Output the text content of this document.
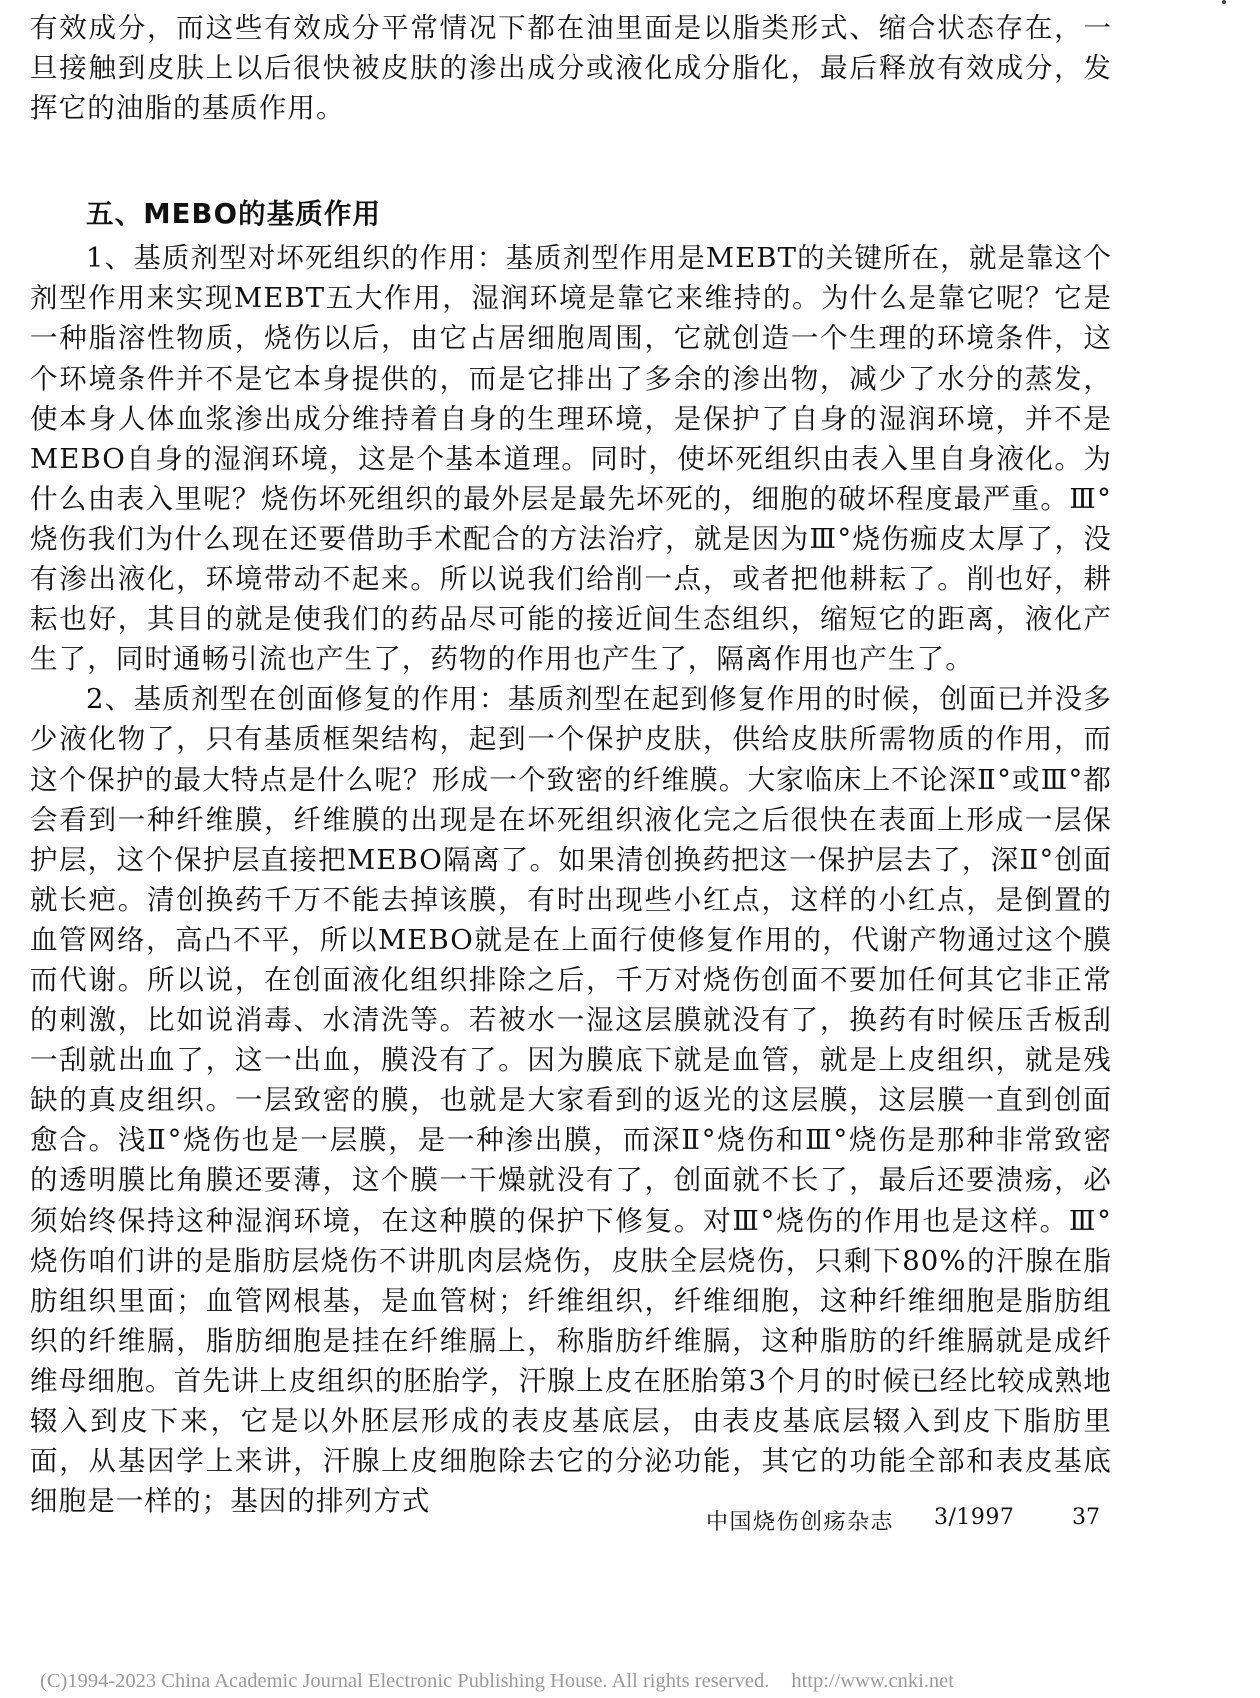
有效成分，而这些有效成分平常情况下都在油里面是以脂类形式、缩合状态存在，一旦接触到皮肤上以后很快被皮肤的渗出成分或液化成分脂化，最后释放有效成分，发挥它的油脂的基质作用。

五、MEBO的基质作用

1、基质剂型对坏死组织的作用：基质剂型作用是MEBT的关键所在，就是靠这个剂型作用来实现MEBT五大作用，湿润环境是靠它来维持的。为什么是靠它呢？它是一种脂溶性物质，烧伤以后，由它占居细胞周围，它就创造一个生理的环境条件，这个环境条件并不是它本身提供的，而是它排出了多余的渗出物，减少了水分的蒸发，使本身人体血浆渗出成分维持着自身的生理环境，是保护了自身的湿润环境，并不是MEBO自身的湿润环境，这是个基本道理。同时，使坏死组织由表入里自身液化。为什么由表入里呢？烧伤坏死组织的最外层是最先坏死的，细胞的破坏程度最严重。Ⅲ°烧伤我们为什么现在还要借助手术配合的方法治疗，就是因为Ⅲ°烧伤痂皮太厚了，没有渗出液化，环境带动不起来。所以说我们给削一点，或者把他耕耘了。削也好，耕耘也好，其目的就是使我们的药品尽可能的接近间生态组织，缩短它的距离，液化产生了，同时通畅引流也产生了，药物的作用也产生了，隔离作用也产生了。

2、基质剂型在创面修复的作用：基质剂型在起到修复作用的时候，创面已并没多少液化物了，只有基质框架结构，起到一个保护皮肤，供给皮肤所需物质的作用，而这个保护的最大特点是什么呢？形成一个致密的纤维膜。大家临床上不论深Ⅱ°或Ⅲ°都会看到一种纤维膜，纤维膜的出现是在坏死组织液化完之后很快在表面上形成一层保护层，这个保护层直接把MEBO隔离了。如果清创换药把这一保护层去了，深Ⅱ°创面就长疤。清创换药千万不能去掉该膜，有时出现些小红点，这样的小红点，是倒置的血管网络，高凸不平，所以MEBO就是在上面行使修复作用的，代谢产物通过这个膜而代谢。所以说，在创面液化组织排除之后，千万对烧伤创面不要加任何其它非正常的刺激，比如说消毒、水清洗等。若被水一湿这层膜就没有了，换药有时候压舌板刮一刮就出血了，这一出血，膜没有了。因为膜底下就是血管，就是上皮组织，就是残缺的真皮组织。一层致密的膜，也就是大家看到的返光的这层膜，这层膜一直到创面愈合。浅Ⅱ°烧伤也是一层膜，是一种渗出膜，而深Ⅱ°烧伤和Ⅲ°烧伤是那种非常致密的透明膜比角膜还要薄，这个膜一干燥就没有了，创面就不长了，最后还要溃疡，必须始终保持这种湿润环境，在这种膜的保护下修复。对Ⅲ°烧伤的作用也是这样。Ⅲ°烧伤咱们讲的是脂肪层烧伤不讲肌肉层烧伤，皮肤全层烧伤，只剩下80%的汗腺在脂肪组织里面；血管网根基，是血管树；纤维组织，纤维细胞，这种纤维细胞是脂肪组织的纤维膈，脂肪细胞是挂在纤维膈上，称脂肪纤维膈，这种脂肪的纤维膈就是成纤维母细胞。首先讲上皮组织的胚胎学，汗腺上皮在胚胎第3个月的时候已经比较成熟地辍入到皮下来，它是以外胚层形成的表皮基底层，由表皮基底层辍入到皮下脂肪里面，从基因学上来讲，汗腺上皮细胞除去它的分泌功能，其它的功能全部和表皮基底细胞是一样的；基因的排列方式

中国烧伤创疡杂志 3/1997	37
(C)1994-2023 China Academic Journal Electronic Publishing House. All rights reserved. http://www.cnki.net
